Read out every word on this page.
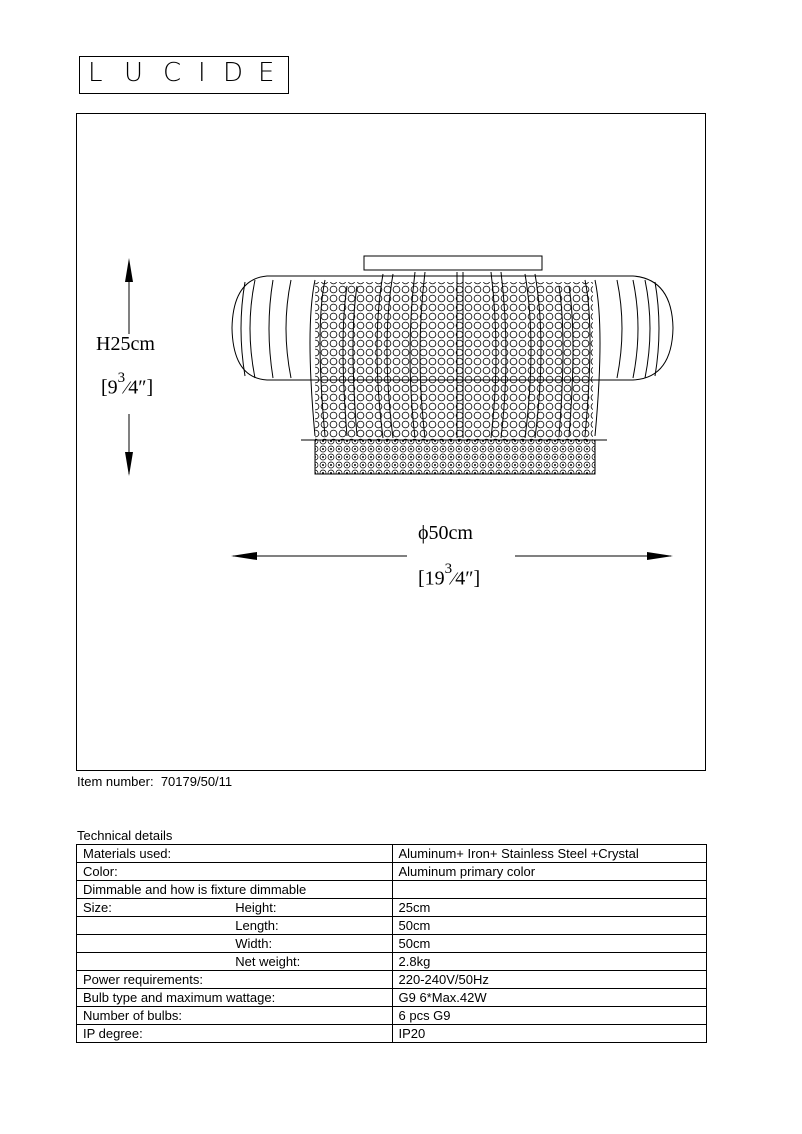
L U C I D E
H25cm
$[9^3⁄4'']$
ϕ50cm
$[19^3⁄4'']$
Item number: 70179/50/11
Technical details
Materials used:		Aluminum+ Iron+ Stainless Steel +Crystal
Color:		Aluminum primary color
Dimmable and how is fixture dimmable		
Size:	Height:	25cm
	Length:	50cm
	Width:	50cm
	Net weight:	2.8kg
Power requirements:		220-240V/50Hz
Bulb type and maximum wattage:		G9 6*Max.42W
Number of bulbs:		6 pcs G9
IP degree:		IP20
